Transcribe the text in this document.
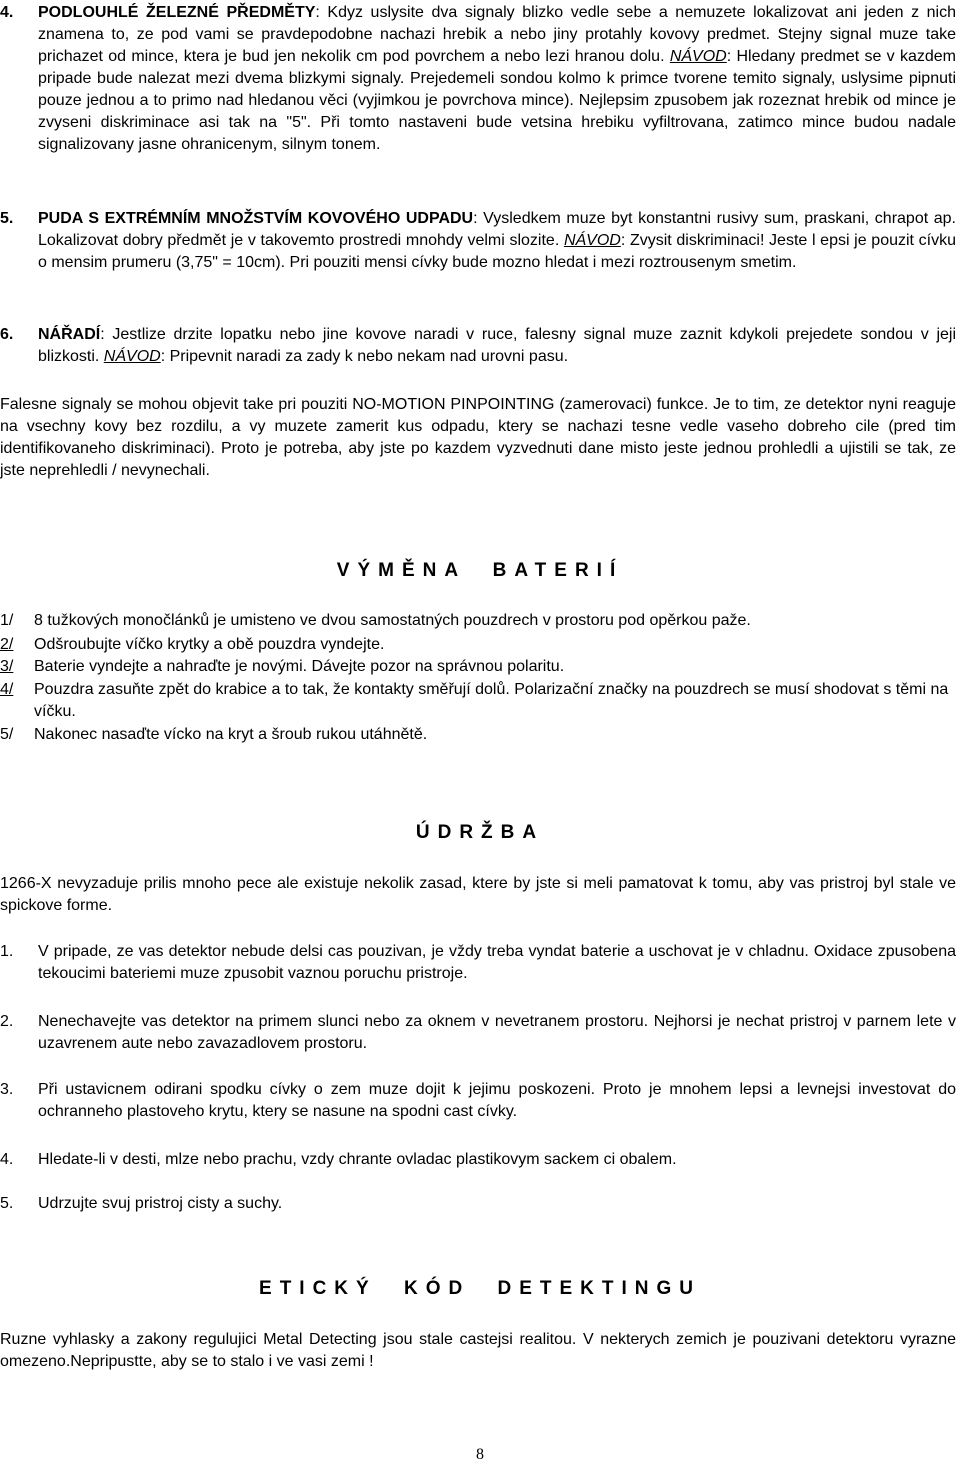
4. PODLOUHLÉ ŽELEZNÉ PŘEDMĚTY: Kdyz uslysite dva signaly blizko vedle sebe a nemuzete lokalizovat ani jeden z nich znamena to, ze pod vami se pravdepodobne nachazi hrebik a nebo jiny protahly kovovy predmet. Stejny signal muze take prichazet od mince, ktera je bud jen nekolik cm pod povrchem a nebo lezi hranou dolu. NÁVOD: Hledany predmet se v kazdem pripade bude nalezat mezi dvema blizkymi signaly. Prejedemeli sondou kolmo k primce tvorene temito signaly, uslysime pipnuti pouze jednou a to primo nad hledanou věci (vyjimkou je povrchova mince). Nejlepsim zpusobem jak rozeznat hrebik od mince je zvyseni diskriminace asi tak na "5". Při tomto nastaveni bude vetsina hrebiku vyfiltrovana, zatimco mince budou nadale signalizovany jasne ohranicenym, silnym tonem.
5. PUDA S EXTRÉMNÍM MNOŽSTVÍM KOVOVÉHO UDPADU: Vysledkem muze byt konstantni rusivy sum, praskani, chrapot ap. Lokalizovat dobry předmět je v takovemto prostredi mnohdy velmi slozite. NÁVOD: Zvysit diskriminaci! Jeste l epsi je pouzit cívku o mensim prumeru (3,75" = 10cm). Pri pouziti mensi cívky bude mozno hledat i mezi roztrousenym smetim.
6. NÁŘADÍ: Jestlize drzite lopatku nebo jine kovove naradi v ruce, falesny signal muze zaznit kdykoli prejedete sondou v jeji blizkosti. NÁVOD: Pripevnit naradi za zady k nebo nekam nad urovni pasu.
Falesne signaly se mohou objevit take pri pouziti NO-MOTION PINPOINTING (zamerovaci) funkce. Je to tim, ze detektor nyni reaguje na vsechny kovy bez rozdilu, a vy muzete zamerit kus odpadu, ktery se nachazi tesne vedle vaseho dobreho cile (pred tim identifikovaneho diskriminaci). Proto je potreba, aby jste po kazdem vyzvednuti dane misto jeste jednou prohledli a ujistili se tak, ze jste neprehledli / nevynechali.
VÝMĚNA BATERIÍ
1/ 8 tužkových monočlánků je umisteno ve dvou samostatných pouzdrech v prostoru pod opěrkou paže.
2/ Odšroubujte víčko krytky a obě pouzdra vyndejte.
3/ Baterie vyndejte a nahraďte je novými. Dávejte pozor na správnou polaritu.
4/ Pouzdra zasuňte zpět do krabice a to tak, že kontakty směřují dolů. Polarizační značky na pouzdrech se musí shodovat s těmi na víčku.
5/ Nakonec nasaďte vícko na kryt a šroub rukou utáhnětě.
ÚDRŽBA
1266-X nevyzaduje prilis mnoho pece ale existuje nekolik zasad, ktere by jste si meli pamatovat k tomu, aby vas pristroj byl stale ve spickove forme.
1. V pripade, ze vas detektor nebude delsi cas pouzivan, je vždy treba vyndat baterie a uschovat je v chladnu. Oxidace zpusobena tekoucimi bateriemi muze zpusobit vaznou poruchu pristroje.
2. Nenechavejte vas detektor na primem slunci nebo za oknem v nevetranem prostoru. Nejhorsi je nechat pristroj v parnem lete v uzavrenem aute nebo zavazadlovem prostoru.
3. Při ustavicnem odirani spodku cívky o zem muze dojit k jejimu poskozeni. Proto je mnohem lepsi a levnejsi investovat do ochranneho plastoveho krytu, ktery se nasune na spodni cast cívky.
4. Hledate-li v desti, mlze nebo prachu, vzdy chrante ovladac plastikovym sackem ci obalem.
5. Udrzujte svuj pristroj cisty a suchy.
ETICKÝ KÓD DETEKTINGU
Ruzne vyhlasky a zakony regulujici Metal Detecting jsou stale castejsi realitou. V nekterych zemich je pouzivani detektoru vyrazne omezeno.Nepripustte, aby se to stalo i ve vasi zemi !
8
